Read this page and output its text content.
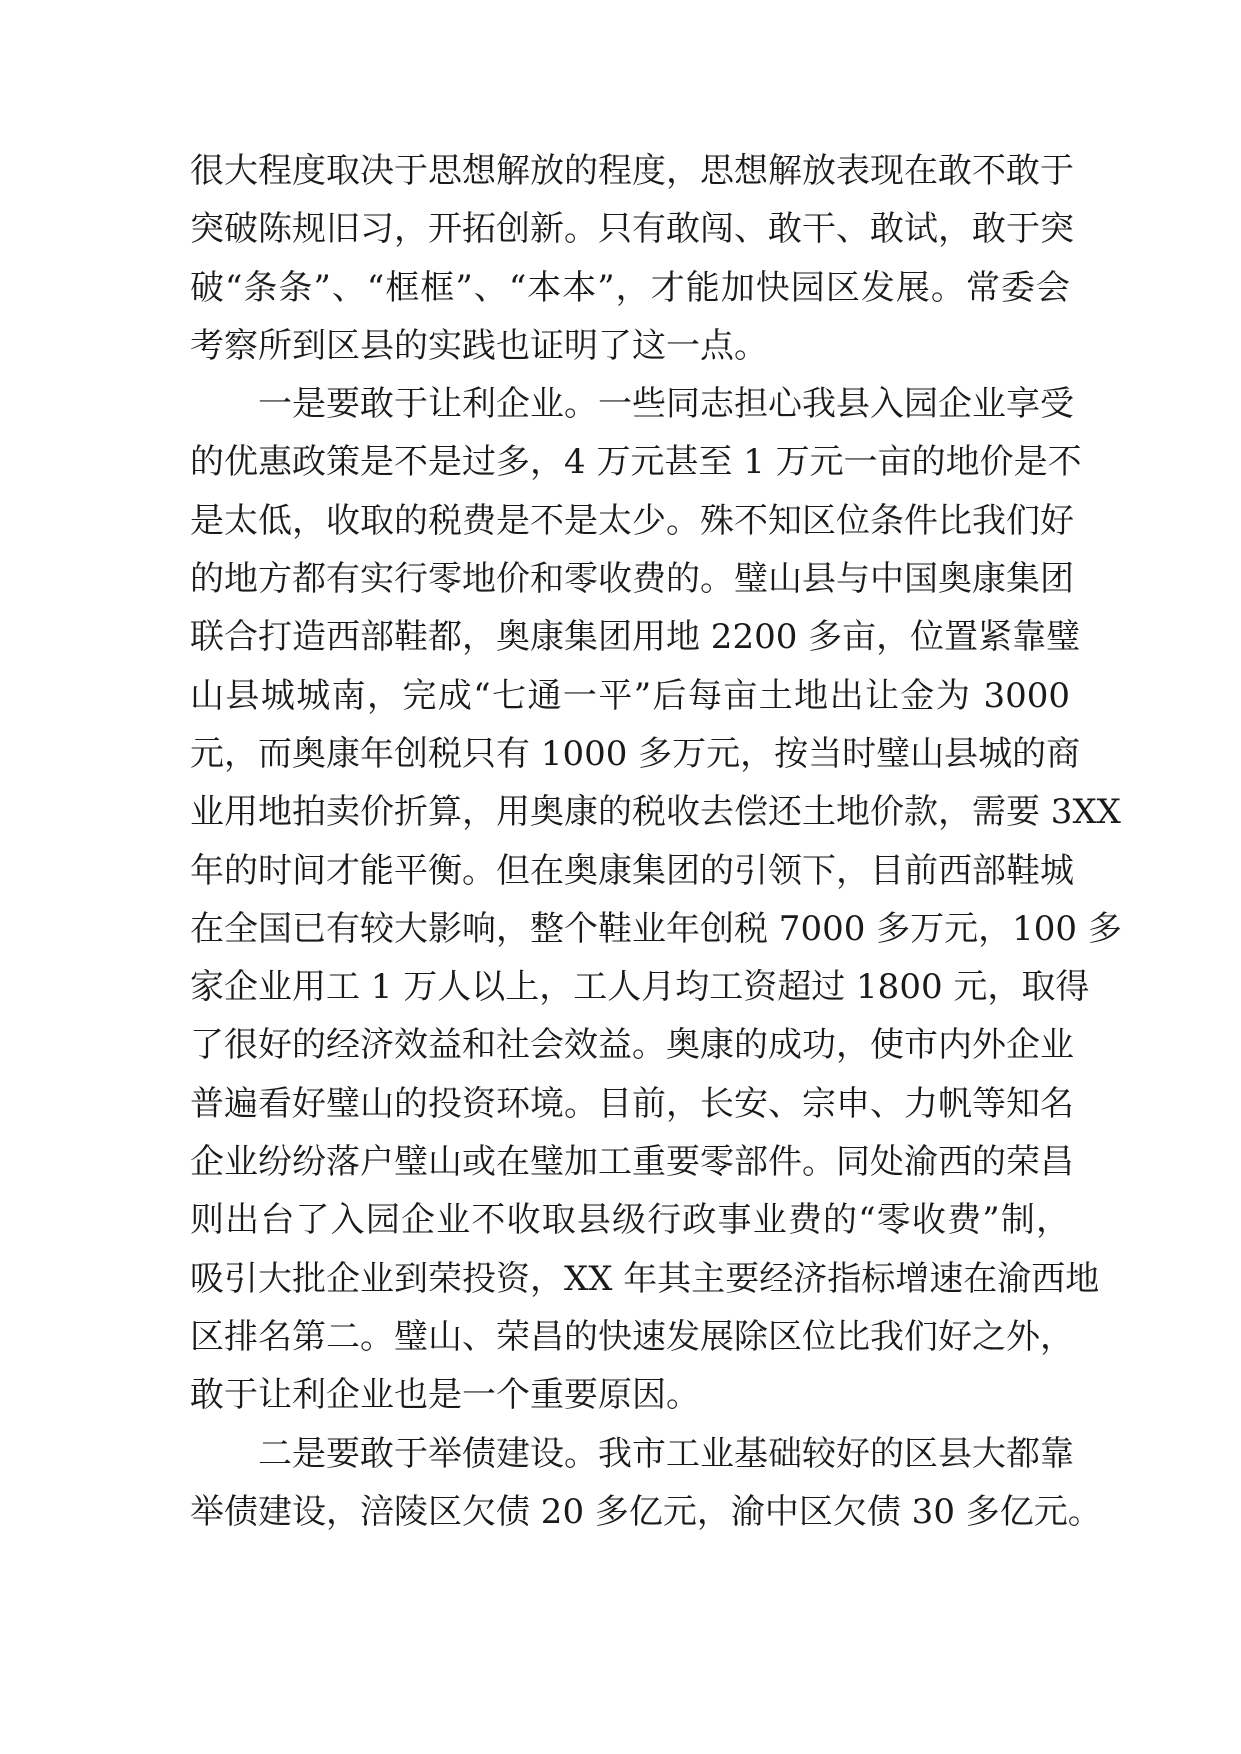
很大程度取决于思想解放的程度，思想解放表现在敢不敢于
突破陈规旧习，开拓创新。只有敢闯、敢干、敢试，敢于突
破“条条”、“框框”、“本本”，才能加快园区发展。常委会
考察所到区县的实践也证明了这一点。
一是要敢于让利企业。一些同志担心我县入园企业享受
的优惠政策是不是过多，4 万元甚至 1 万元一亩的地价是不
是太低，收取的税费是不是太少。殊不知区位条件比我们好
的地方都有实行零地价和零收费的。璧山县与中国奥康集团
联合打造西部鞋都，奥康集团用地 2200 多亩，位置紧靠璧
山县城城南，完成“七通一平”后每亩土地出让金为 3000
元，而奥康年创税只有 1000 多万元，按当时璧山县城的商
业用地拍卖价折算，用奥康的税收去偿还土地价款，需要 3XX
年的时间才能平衡。但在奥康集团的引领下，目前西部鞋城
在全国已有较大影响，整个鞋业年创税 7000 多万元，100 多
家企业用工 1 万人以上，工人月均工资超过 1800 元，取得
了很好的经济效益和社会效益。奥康的成功，使市内外企业
普遍看好璧山的投资环境。目前，长安、宗申、力帆等知名
企业纷纷落户璧山或在璧加工重要零部件。同处渝西的荣昌
则出台了入园企业不收取县级行政事业费的“零收费”制，
吸引大批企业到荣投资，XX 年其主要经济指标增速在渝西地
区排名第二。璧山、荣昌的快速发展除区位比我们好之外，
敢于让利企业也是一个重要原因。
二是要敢于举债建设。我市工业基础较好的区县大都靠
举债建设，涪陵区欠债 20 多亿元，渝中区欠债 30 多亿元。
